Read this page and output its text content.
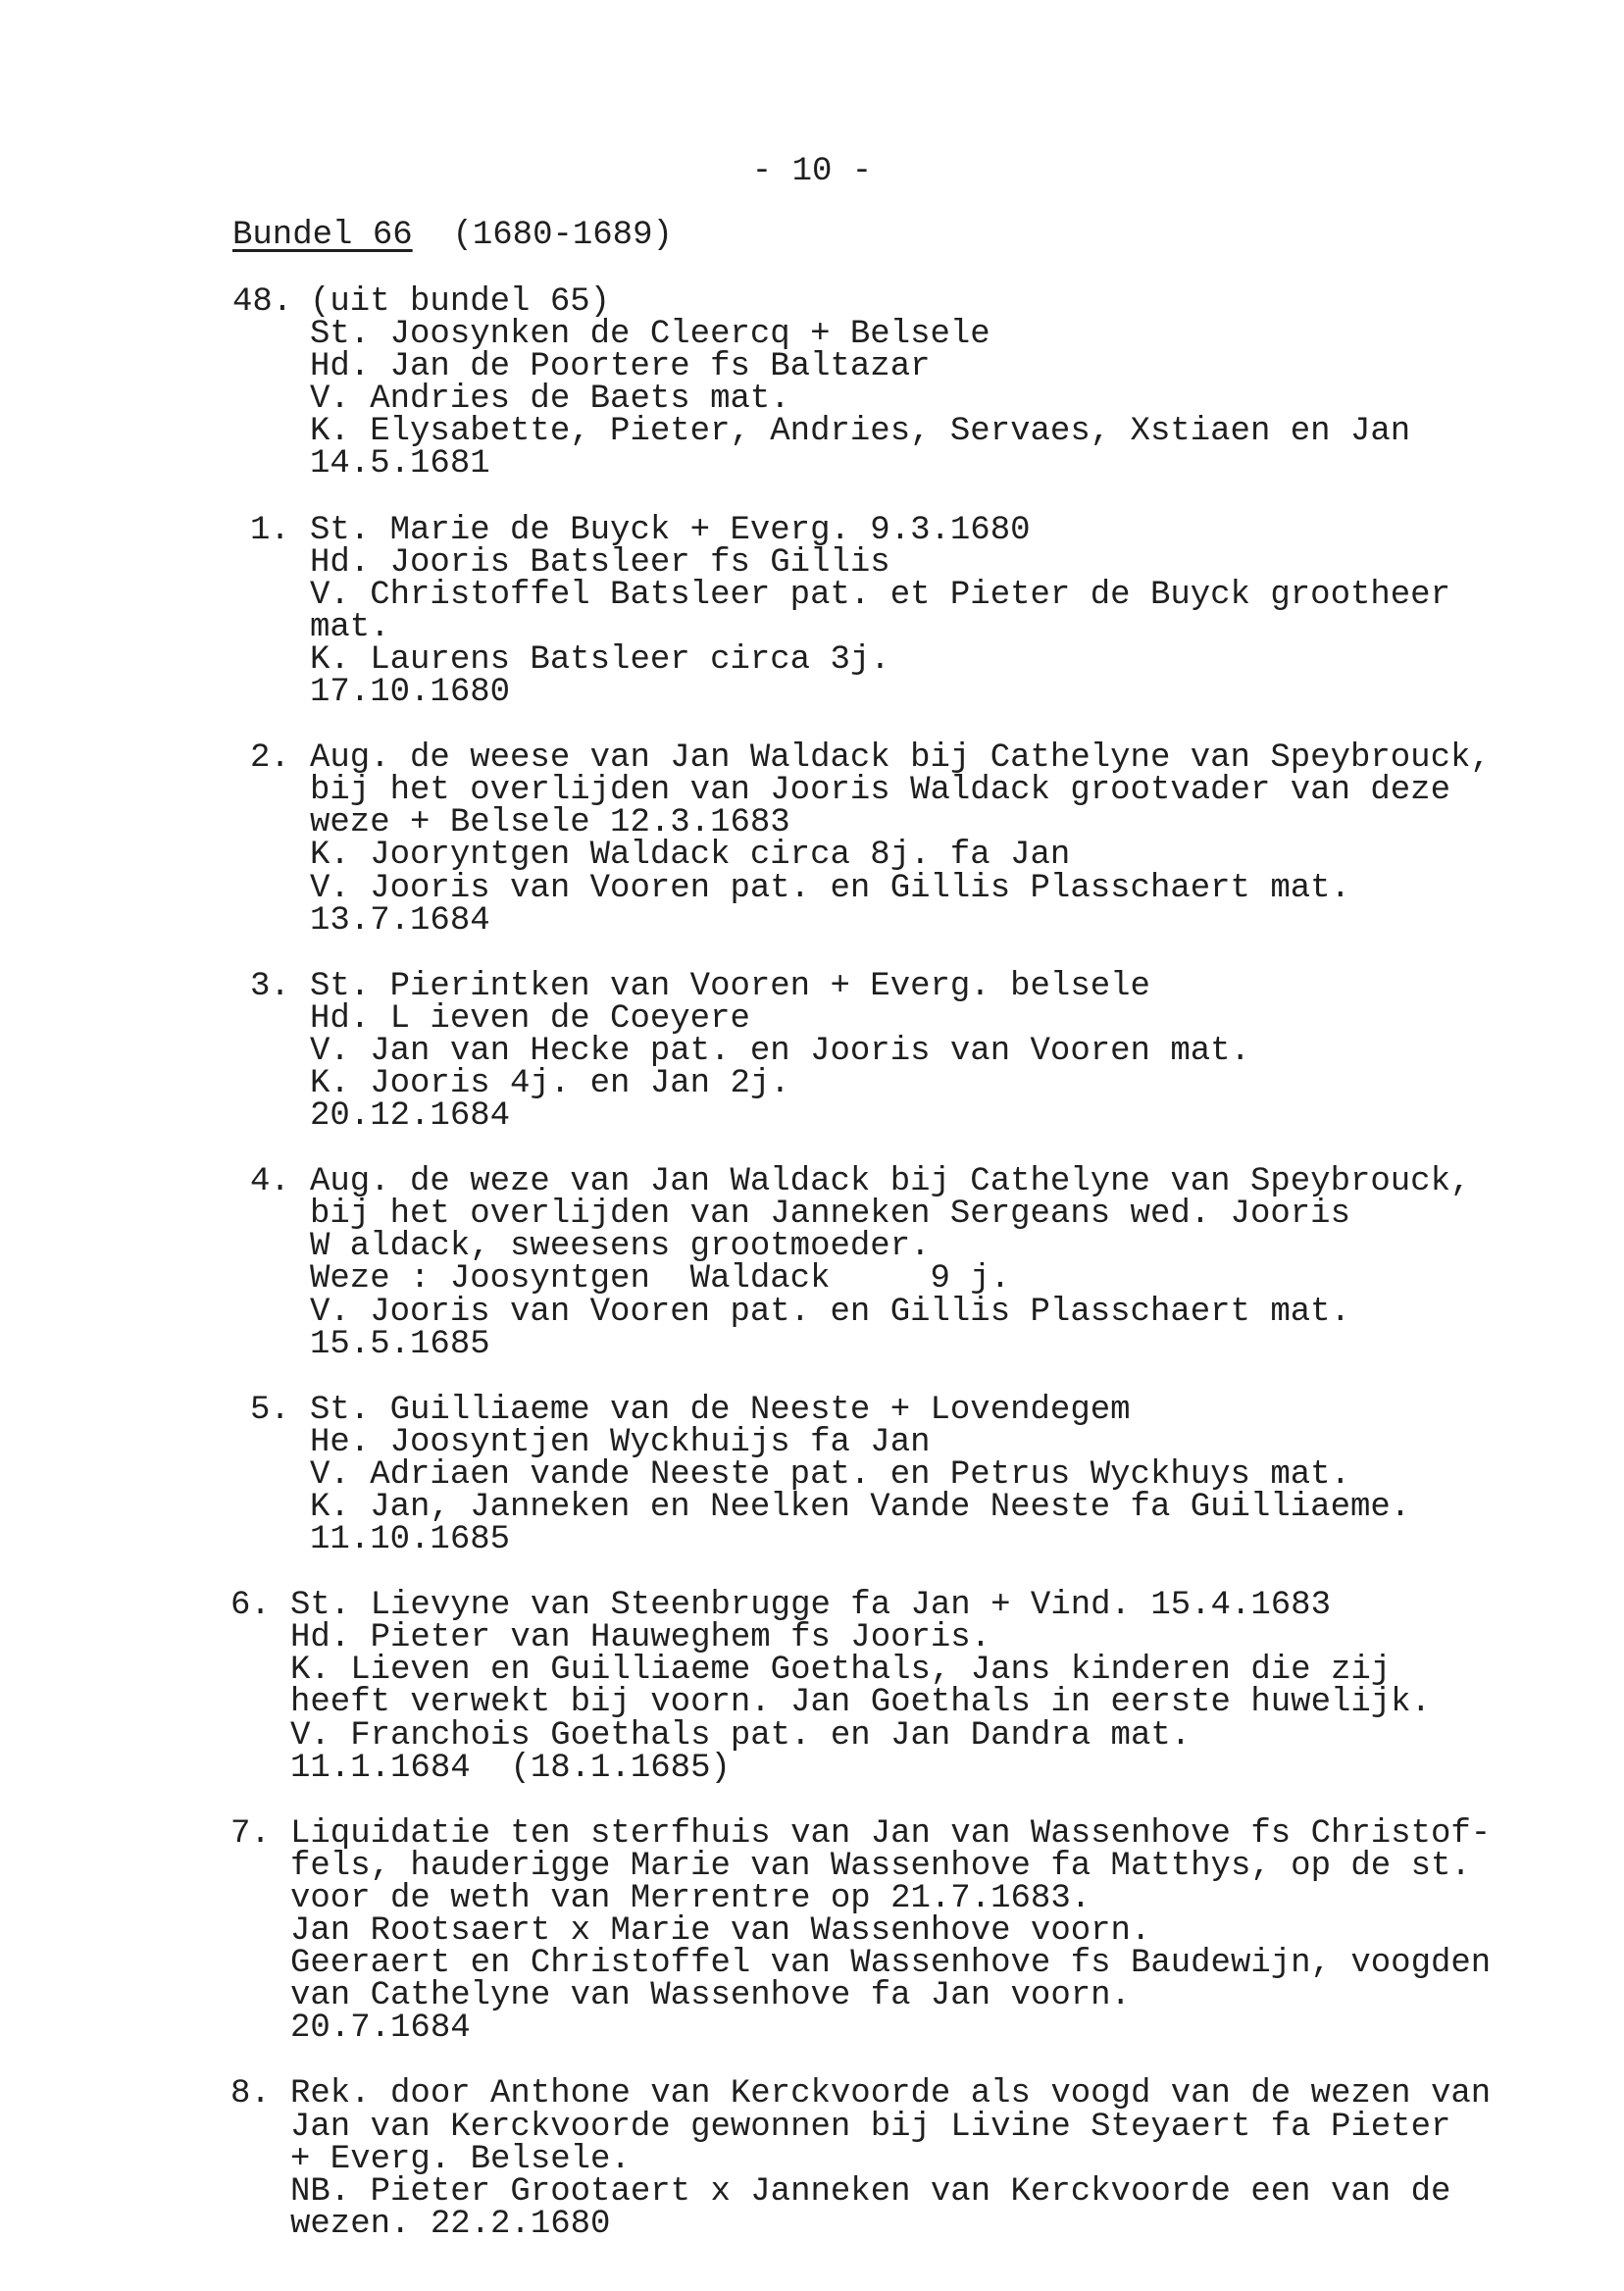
- 10 -
Bundel 66 (1680-1689)
48. (uit bundel 65)
St. Joosynken de Cleercq + Belsele
Hd. Jan de Poortere fs Baltazar
V. Andries de Baets mat.
K. Elysabette, Pieter, Andries, Servaes, Xstiaen en Jan
14.5.1681
1. St. Marie de Buyck + Everg. 9.3.1680
Hd. Jooris Batsleer fs Gillis
V. Christoffel Batsleer pat. et Pieter de Buyck grootheer
mat.
K. Laurens Batsleer circa 3j.
17.10.1680
2. Aug. de weese van Jan Waldack bij Cathelyne van Speybrouck,
bij het overlijden van Jooris Waldack grootvader van deze
weze + Belsele 12.3.1683
K. Jooryntgen Waldack circa 8j. fa Jan
V. Jooris van Vooren pat. en Gillis Plasschaert mat.
13.7.1684
3. St. Pierintken van Vooren + Everg. belsele
Hd. L ieven de Coeyere
V. Jan van Hecke pat. en Jooris van Vooren mat.
K. Jooris 4j. en Jan 2j.
20.12.1684
4. Aug. de weze van Jan Waldack bij Cathelyne van Speybrouck,
bij het overlijden van Janneken Sergeans wed. Jooris
W aldack, sweesens grootmoeder.
Weze : Joosyntgen  Waldack     9 j.
V. Jooris van Vooren pat. en Gillis Plasschaert mat.
15.5.1685
5. St. Guilliaeme van de Neeste + Lovendegem
He. Joosyntjen Wyckhuijs fa Jan
V. Adriaen vande Neeste pat. en Petrus Wyckhuys mat.
K. Jan, Janneken en Neelken Vande Neeste fa Guilliaeme.
11.10.1685
6. St. Lievyne van Steenbrugge fa Jan + Vind. 15.4.1683
Hd. Pieter van Hauweghem fs Jooris.
K. Lieven en Guilliaeme Goethals, Jans kinderen die zij
heeft verwekt bij voorn. Jan Goethals in eerste huwelijk.
V. Franchois Goethals pat. en Jan Dandra mat.
11.1.1684  (18.1.1685)
7. Liquidatie ten sterfhuis van Jan van Wassenhove fs Christof-
fels, hauderigge Marie van Wassenhove fa Matthys, op de st.
voor de weth van Merrentre op 21.7.1683.
Jan Rootsaert x Marie van Wassenhove voorn.
Geeraert en Christoffel van Wassenhove fs Baudewijn, voogden
van Cathelyne van Wassenhove fa Jan voorn.
20.7.1684
8. Rek. door Anthone van Kerckvoorde als voogd van de wezen van
Jan van Kerckvoorde gewonnen bij Livine Steyaert fa Pieter
+ Everg. Belsele.
NB. Pieter Grootaert x Janneken van Kerckvoorde een van de
wezen. 22.2.1680
